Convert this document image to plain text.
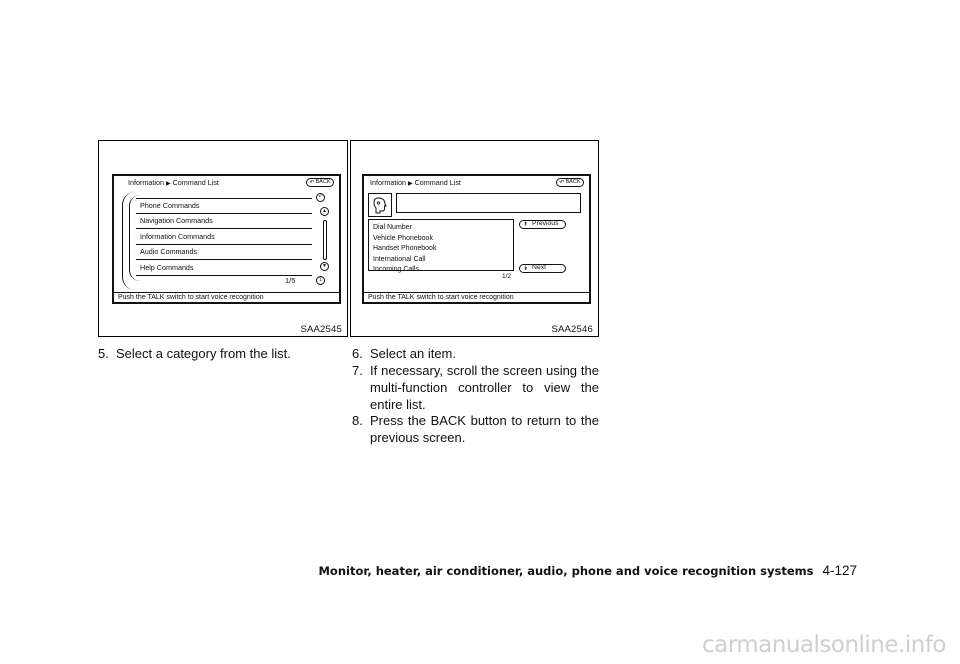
Information ▶ Command List	↶ BACK
Phone Commands
Navigation Commands
Information Commands
Audio Commands
Help Commands
1/5
↶
▲
▼
↧
Push the TALK switch to start voice recognition
SAA2545
Information ▶ Command List	↶ BACK
Dial Number
Vehicle Phonebook
Handset Phonebook
International Call
Incoming Calls
1/2
↟ Previous
↡ Next
Push the TALK switch to start voice recognition
SAA2546
5. Select a category from the list.	6. Select an item.
7. If necessary, scroll the screen using the multi-function controller to view the entire list.
8. Press the BACK button to return to the previous screen.
Monitor, heater, air conditioner, audio, phone and voice recognition systems 4-127
carmanualsonline.info
